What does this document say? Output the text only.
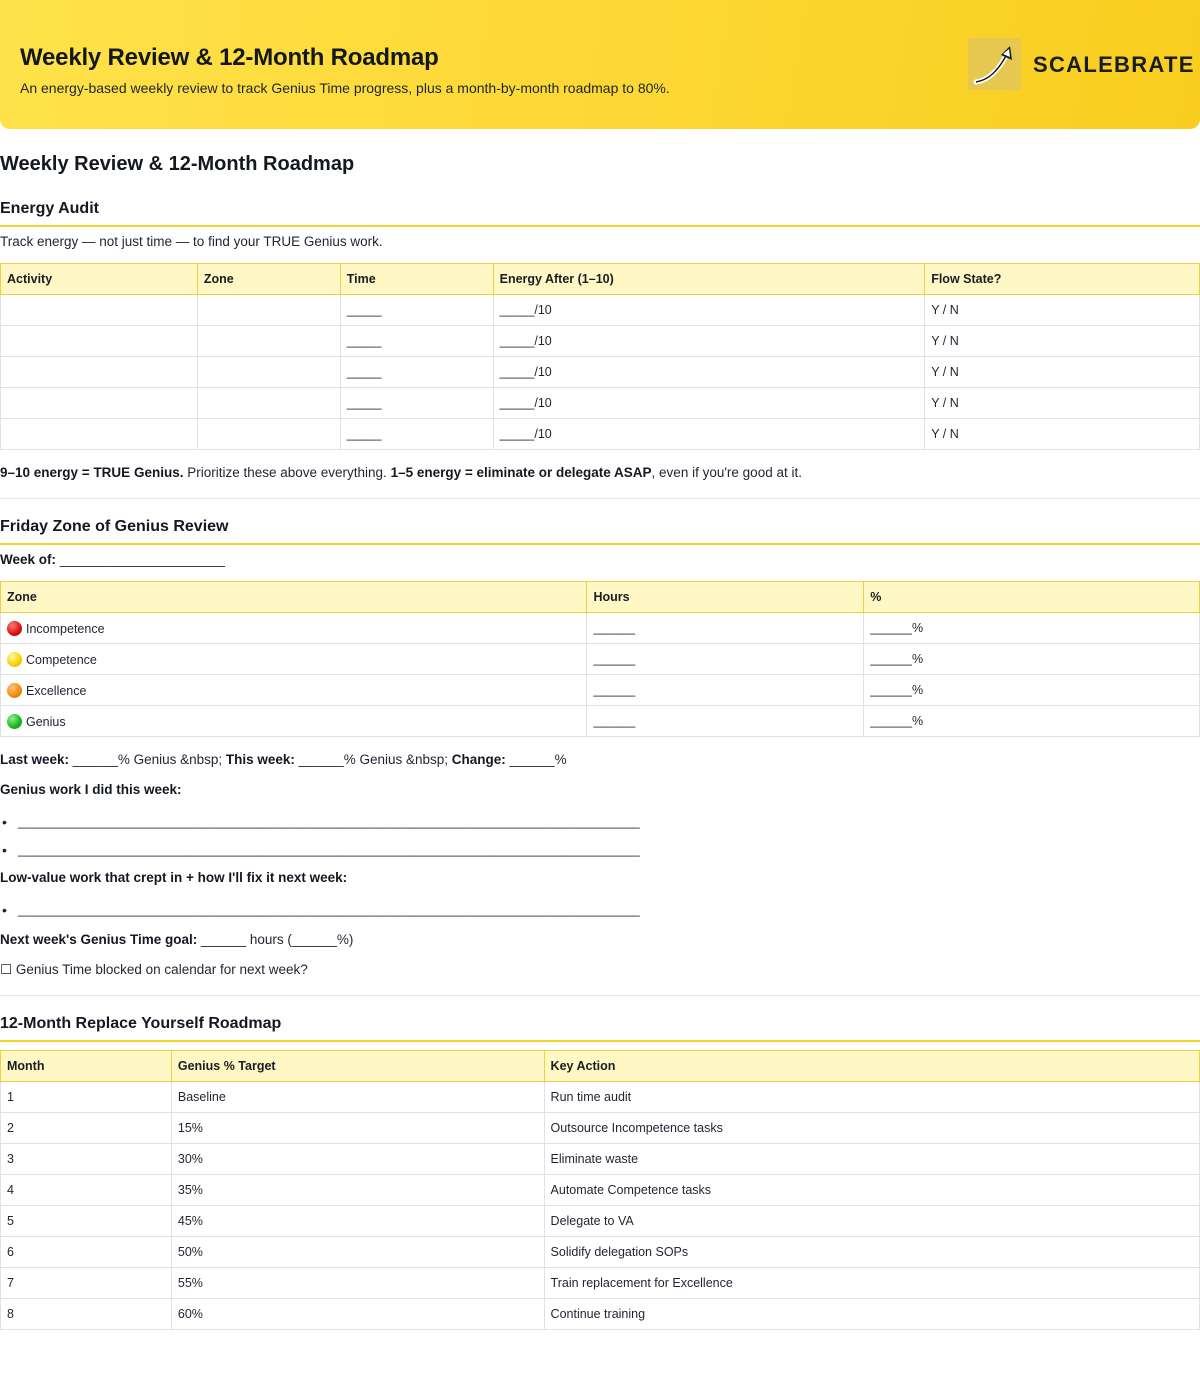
Weekly Review & 12-Month Roadmap
An energy-based weekly review to track Genius Time progress, plus a month-by-month roadmap to 80%.
SCALEBRATE
Weekly Review & 12-Month Roadmap
Energy Audit
Track energy — not just time — to find your TRUE Genius work.
Activity	Zone	Time	Energy After (1–10)	Flow State?
		_____	_____/10	Y / N
		_____	_____/10	Y / N
		_____	_____/10	Y / N
		_____	_____/10	Y / N
		_____	_____/10	Y / N
9–10 energy = TRUE Genius. Prioritize these above everything. 1–5 energy = eliminate or delegate ASAP, even if you're good at it.
Friday Zone of Genius Review
Week of: ______________________
Zone	Hours	%
Incompetence	______	______%
Competence	______	______%
Excellence	______	______%
Genius	______	______%
Last week: ______% Genius &nbsp; This week: ______% Genius &nbsp; Change: ______%
Genius work I did this week:
• ______________________________________________________________________________________
• ______________________________________________________________________________________
Low-value work that crept in + how I'll fix it next week:
• ______________________________________________________________________________________
Next week's Genius Time goal: ______ hours (______%)
☐ Genius Time blocked on calendar for next week?
12-Month Replace Yourself Roadmap
Month	Genius % Target	Key Action
1	Baseline	Run time audit
2	15%	Outsource Incompetence tasks
3	30%	Eliminate waste
4	35%	Automate Competence tasks
5	45%	Delegate to VA
6	50%	Solidify delegation SOPs
7	55%	Train replacement for Excellence
8	60%	Continue training
